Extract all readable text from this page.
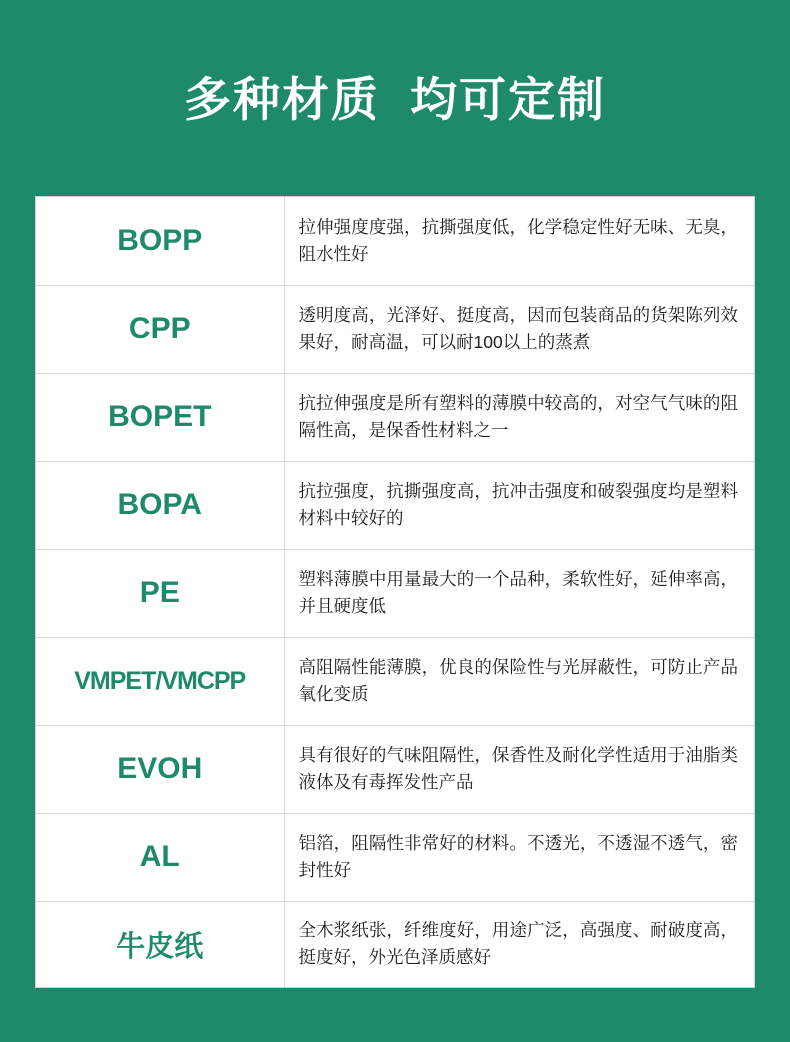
多种材质  均可定制
BOPP	拉伸强度度强，抗撕强度低，化学稳定性好无味、无臭，阻水性好
CPP	透明度高，光泽好、挺度高，因而包装商品的货架陈列效果好，耐高温，可以耐100以上的蒸煮
BOPET	抗拉伸强度是所有塑料的薄膜中较高的，对空气气味的阻隔性高，是保香性材料之一
BOPA	抗拉强度，抗撕强度高，抗冲击强度和破裂强度均是塑料材料中较好的
PE	塑料薄膜中用量最大的一个品种，柔软性好，延伸率高，并且硬度低
VMPET/VMCPP	高阻隔性能薄膜，优良的保险性与光屏蔽性，可防止产品氧化变质
EVOH	具有很好的气味阻隔性，保香性及耐化学性适用于油脂类液体及有毒挥发性产品
AL	铝箔，阻隔性非常好的材料。不透光，不透湿不透气，密封性好
牛皮纸	全木浆纸张，纤维度好，用途广泛，高强度、耐破度高，挺度好，外光色泽质感好
